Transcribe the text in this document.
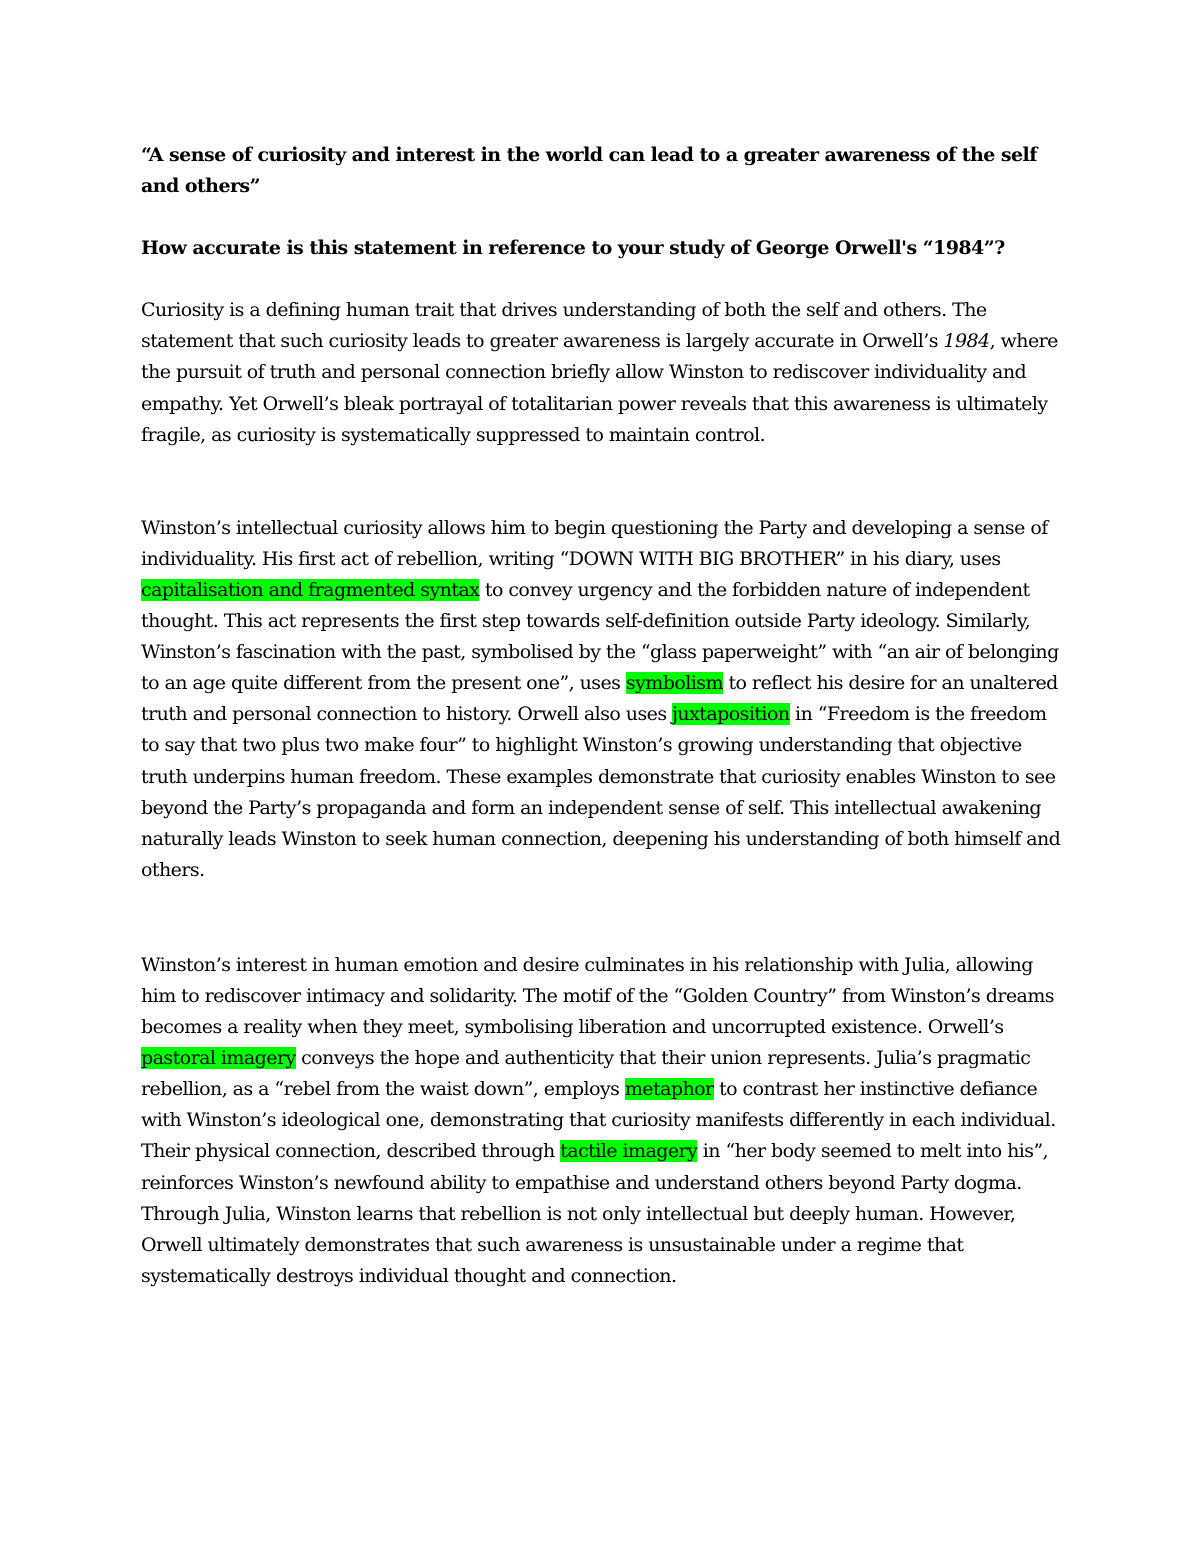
“A sense of curiosity and interest in the world can lead to a greater awareness of the self and others”

How accurate is this statement in reference to your study of George Orwell's “1984”?

Curiosity is a defining human trait that drives understanding of both the self and others. The statement that such curiosity leads to greater awareness is largely accurate in Orwell’s 1984, where the pursuit of truth and personal connection briefly allow Winston to rediscover individuality and empathy. Yet Orwell’s bleak portrayal of totalitarian power reveals that this awareness is ultimately fragile, as curiosity is systematically suppressed to maintain control.

Winston’s intellectual curiosity allows him to begin questioning the Party and developing a sense of individuality. His first act of rebellion, writing “DOWN WITH BIG BROTHER” in his diary, uses capitalisation and fragmented syntax to convey urgency and the forbidden nature of independent thought. This act represents the first step towards self-definition outside Party ideology. Similarly, Winston’s fascination with the past, symbolised by the “glass paperweight” with “an air of belonging to an age quite different from the present one”, uses symbolism to reflect his desire for an unaltered truth and personal connection to history. Orwell also uses juxtaposition in “Freedom is the freedom to say that two plus two make four” to highlight Winston’s growing understanding that objective truth underpins human freedom. These examples demonstrate that curiosity enables Winston to see beyond the Party’s propaganda and form an independent sense of self. This intellectual awakening naturally leads Winston to seek human connection, deepening his understanding of both himself and others.

Winston’s interest in human emotion and desire culminates in his relationship with Julia, allowing him to rediscover intimacy and solidarity. The motif of the “Golden Country” from Winston’s dreams becomes a reality when they meet, symbolising liberation and uncorrupted existence. Orwell’s pastoral imagery conveys the hope and authenticity that their union represents. Julia’s pragmatic rebellion, as a “rebel from the waist down”, employs metaphor to contrast her instinctive defiance with Winston’s ideological one, demonstrating that curiosity manifests differently in each individual. Their physical connection, described through tactile imagery in “her body seemed to melt into his”, reinforces Winston’s newfound ability to empathise and understand others beyond Party dogma. Through Julia, Winston learns that rebellion is not only intellectual but deeply human. However, Orwell ultimately demonstrates that such awareness is unsustainable under a regime that systematically destroys individual thought and connection.
